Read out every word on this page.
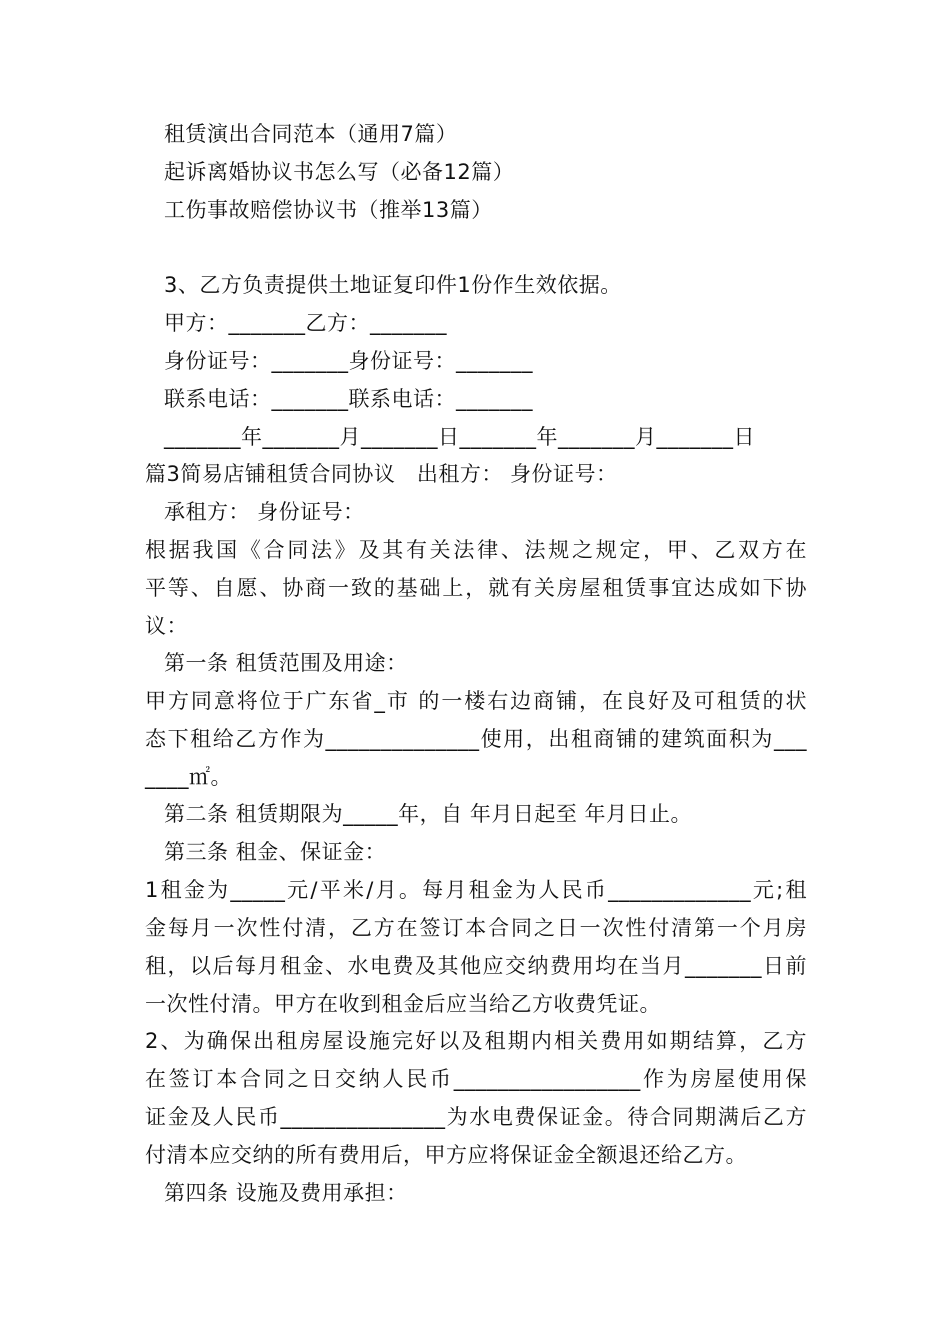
租赁演出合同范本（通用7篇）
起诉离婚协议书怎么写（必备12篇）
工伤事故赔偿协议书（推举13篇）
3、乙方负责提供土地证复印件1份作生效依据。
甲方：_______乙方：_______
身份证号：_______身份证号：_______
联系电话：_______联系电话：_______
_______年_______月_______日_______年_______月_______日
篇3简易店铺租赁合同协议　出租方： 身份证号：
承租方： 身份证号：
根据我国《合同法》及其有关法律、法规之规定，甲、乙双方在
平等、自愿、协商一致的基础上，就有关房屋租赁事宜达成如下协
议：
第一条 租赁范围及用途：
甲方同意将位于广东省_市 的一楼右边商铺，在良好及可租赁的状
态下租给乙方作为______________使用，出租商铺的建筑面积为___
____㎡。
第二条 租赁期限为_____年，自 年月日起至 年月日止。
第三条 租金、保证金：
1租金为_____元/平米/月。每月租金为人民币_____________元;租
金每月一次性付清，乙方在签订本合同之日一次性付清第一个月房
租，以后每月租金、水电费及其他应交纳费用均在当月_______日前
一次性付清。甲方在收到租金后应当给乙方收费凭证。
2、为确保出租房屋设施完好以及租期内相关费用如期结算，乙方
在签订本合同之日交纳人民币_________________作为房屋使用保
证金及人民币_______________为水电费保证金。待合同期满后乙方
付清本应交纳的所有费用后，甲方应将保证金全额退还给乙方。
第四条 设施及费用承担：
